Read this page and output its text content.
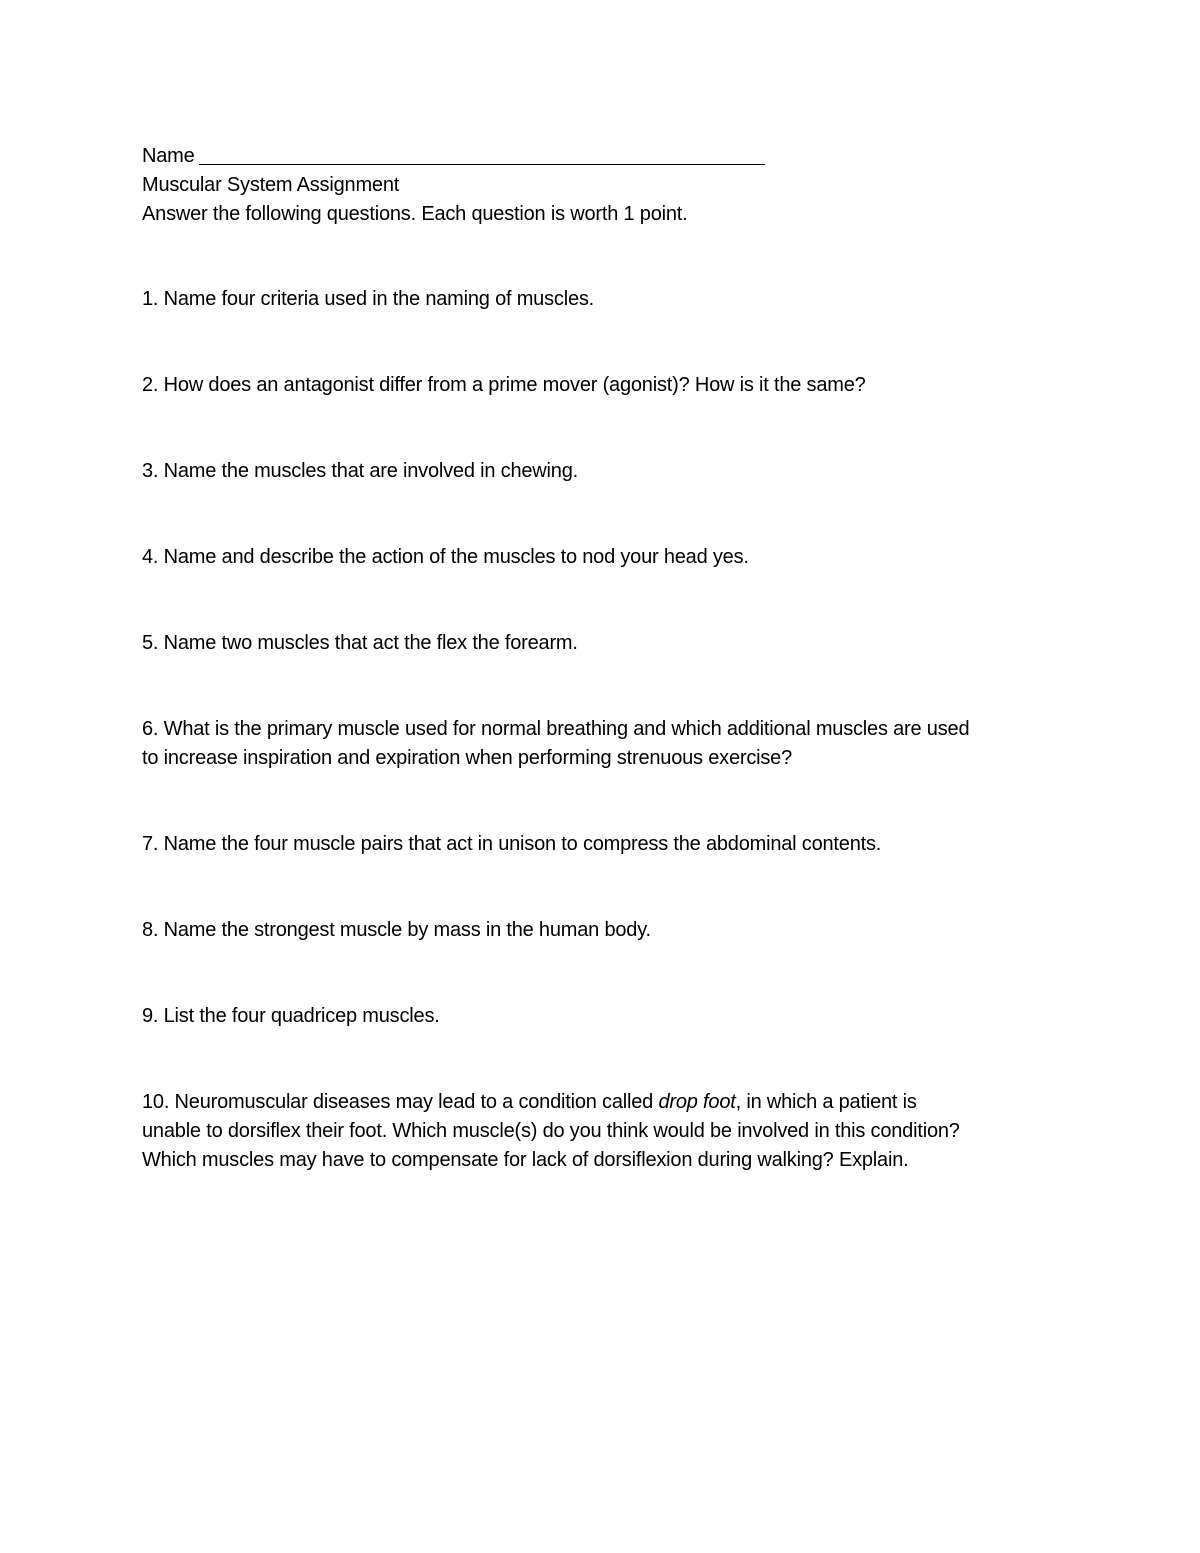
Name
Muscular System Assignment
Answer the following questions. Each question is worth 1 point.
1. Name four criteria used in the naming of muscles.
2. How does an antagonist differ from a prime mover (agonist)? How is it the same?
3. Name the muscles that are involved in chewing.
4. Name and describe the action of the muscles to nod your head yes.
5. Name two muscles that act the flex the forearm.
6. What is the primary muscle used for normal breathing and which additional muscles are used
to increase inspiration and expiration when performing strenuous exercise?
7. Name the four muscle pairs that act in unison to compress the abdominal contents.
8. Name the strongest muscle by mass in the human body.
9. List the four quadricep muscles.
10. Neuromuscular diseases may lead to a condition called drop foot, in which a patient is
unable to dorsiflex their foot. Which muscle(s) do you think would be involved in this condition?
Which muscles may have to compensate for lack of dorsiflexion during walking? Explain.
